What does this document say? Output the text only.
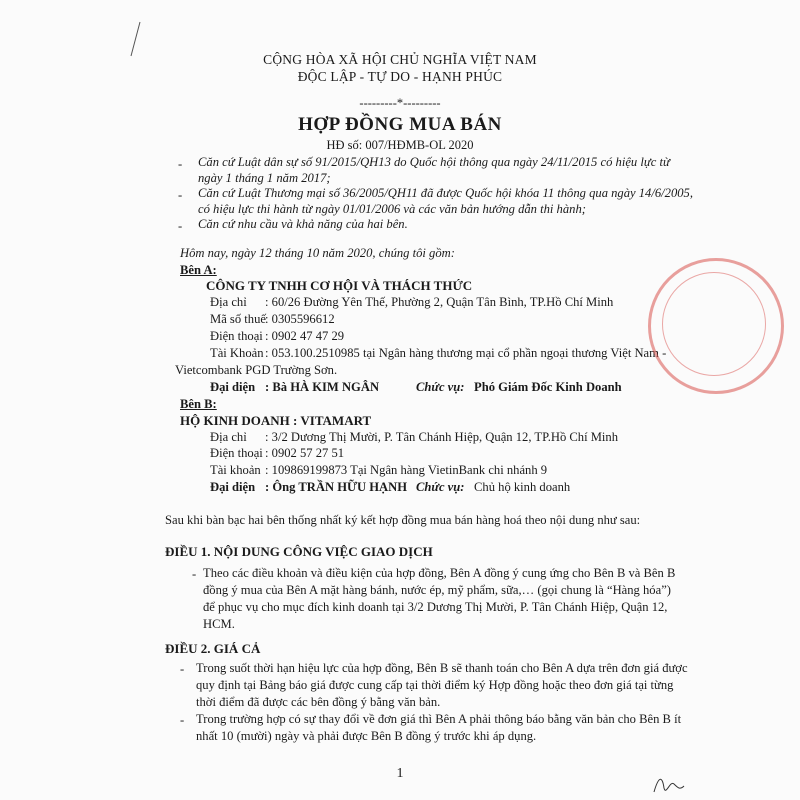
CỘNG HÒA XÃ HỘI CHỦ NGHĨA VIỆT NAM
ĐỘC LẬP - TỰ DO - HẠNH PHÚC
---------*---------
HỢP ĐỒNG MUA BÁN
HĐ số: 007/HĐMB-OL 2020
- Căn cứ Luật dân sự số 91/2015/QH13 do Quốc hội thông qua ngày 24/11/2015 có hiệu lực từ
ngày 1 tháng 1 năm 2017;
- Căn cứ Luật Thương mại số 36/2005/QH11 đã được Quốc hội khóa 11 thông qua ngày 14/6/2005,
có hiệu lực thi hành từ ngày 01/01/2006 và các văn bản hướng dẫn thi hành;
- Căn cứ nhu cầu và khả năng của hai bên.
Hôm nay, ngày 12 tháng 10 năm 2020, chúng tôi gồm:
Bên A:
CÔNG TY TNHH CƠ HỘI VÀ THÁCH THỨC
Địa chỉ : 60/26 Đường Yên Thế, Phường 2, Quận Tân Bình, TP.Hồ Chí Minh
Mã số thuế : 0305596612
Điện thoại : 0902 47 47 29
Tài Khoản : 053.100.2510985 tại Ngân hàng thương mại cổ phần ngoại thương Việt Nam -
Vietcombank PGD Trường Sơn.
Đại diện : Bà HÀ KIM NGÂN	Chức vụ: Phó Giám Đốc Kinh Doanh
Bên B:
HỘ KINH DOANH : VITAMART
Địa chỉ : 3/2 Dương Thị Mười, P. Tân Chánh Hiệp, Quận 12, TP.Hồ Chí Minh
Điện thoại : 0902 57 27 51
Tài khoản : 109869199873 Tại Ngân hàng VietinBank chi nhánh 9
Đại diện : Ông TRẦN HỮU HẠNH Chức vụ: Chủ hộ kinh doanh
Sau khi bàn bạc hai bên thống nhất ký kết hợp đồng mua bán hàng hoá theo nội dung như sau:
ĐIỀU 1. NỘI DUNG CÔNG VIỆC GIAO DỊCH
- Theo các điều khoản và điều kiện của hợp đồng, Bên A đồng ý cung ứng cho Bên B và Bên B
đồng ý mua của Bên A mặt hàng bánh, nước ép, mỹ phẩm, sữa,… (gọi chung là “Hàng hóa”)
để phục vụ cho mục đích kinh doanh tại 3/2 Dương Thị Mười, P. Tân Chánh Hiệp, Quận 12,
HCM.
ĐIỀU 2. GIÁ CẢ
- Trong suốt thời hạn hiệu lực của hợp đồng, Bên B sẽ thanh toán cho Bên A dựa trên đơn giá được
quy định tại Bảng báo giá được cung cấp tại thời điểm ký Hợp đồng hoặc theo đơn giá tại từng
thời điểm đã được các bên đồng ý bằng văn bản.
- Trong trường hợp có sự thay đổi về đơn giá thì Bên A phải thông báo bằng văn bản cho Bên B ít
nhất 10 (mười) ngày và phải được Bên B đồng ý trước khi áp dụng.
1
